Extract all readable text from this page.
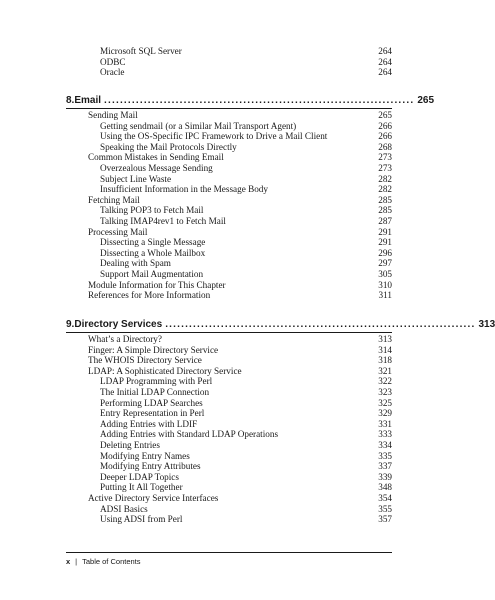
Microsoft SQL Server	264
ODBC	264
Oracle	264
8. Email .............................................................................. 265
Sending Mail	265
Getting sendmail (or a Similar Mail Transport Agent)	266
Using the OS-Specific IPC Framework to Drive a Mail Client	266
Speaking the Mail Protocols Directly	268
Common Mistakes in Sending Email	273
Overzealous Message Sending	273
Subject Line Waste	282
Insufficient Information in the Message Body	282
Fetching Mail	285
Talking POP3 to Fetch Mail	285
Talking IMAP4rev1 to Fetch Mail	287
Processing Mail	291
Dissecting a Single Message	291
Dissecting a Whole Mailbox	296
Dealing with Spam	297
Support Mail Augmentation	305
Module Information for This Chapter	310
References for More Information	311
9. Directory Services .............................................................................. 313
What’s a Directory?	313
Finger: A Simple Directory Service	314
The WHOIS Directory Service	318
LDAP: A Sophisticated Directory Service	321
LDAP Programming with Perl	322
The Initial LDAP Connection	323
Performing LDAP Searches	325
Entry Representation in Perl	329
Adding Entries with LDIF	331
Adding Entries with Standard LDAP Operations	333
Deleting Entries	334
Modifying Entry Names	335
Modifying Entry Attributes	337
Deeper LDAP Topics	339
Putting It All Together	348
Active Directory Service Interfaces	354
ADSI Basics	355
Using ADSI from Perl	357
x | Table of Contents
